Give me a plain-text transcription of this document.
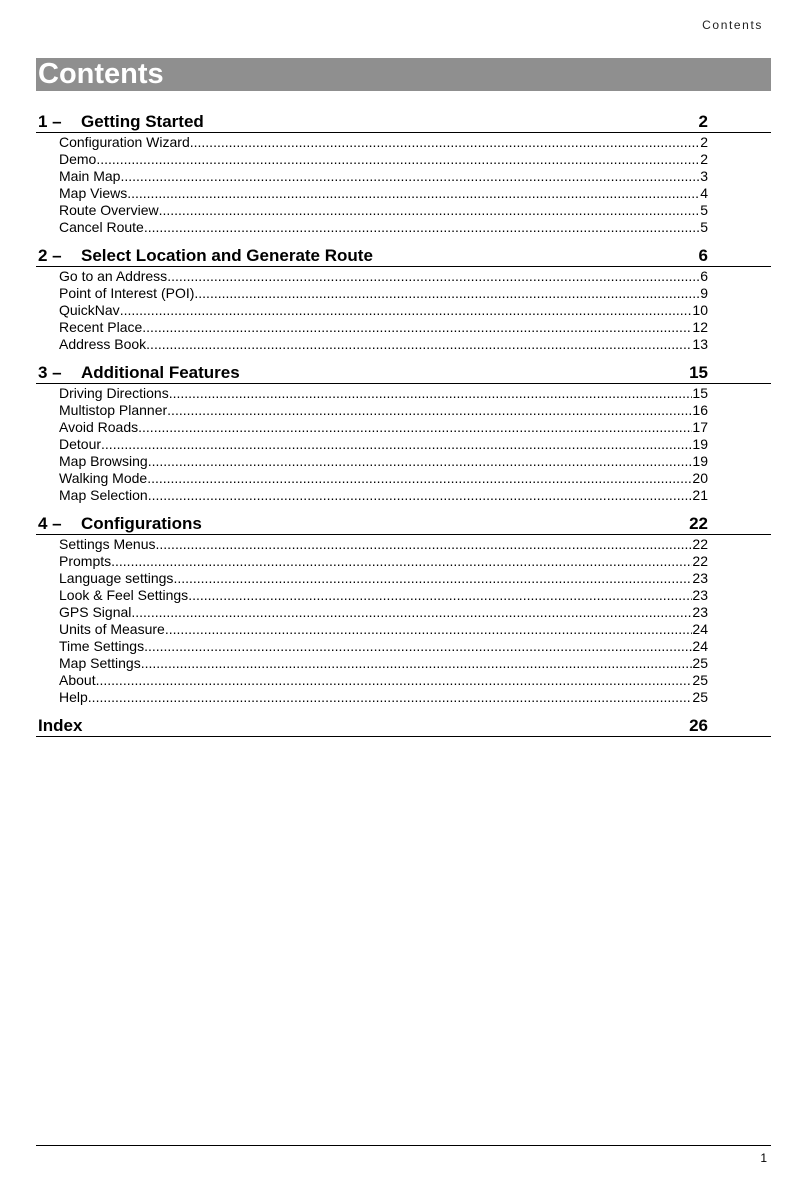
Contents
Contents
1 – Getting Started	2
Configuration Wizard .....	2
Demo .....	2
Main Map .....	3
Map Views .....	4
Route Overview .....	5
Cancel Route .....	5
2 – Select Location and Generate Route	6
Go to an Address .....	6
Point of Interest (POI) .....	9
QuickNav .....	10
Recent Place .....	12
Address Book .....	13
3 – Additional Features	15
Driving Directions .....	15
Multistop Planner .....	16
Avoid Roads .....	17
Detour .....	19
Map Browsing .....	19
Walking Mode .....	20
Map Selection .....	21
4 – Configurations	22
Settings Menus .....	22
Prompts .....	22
Language settings .....	23
Look & Feel Settings .....	23
GPS Signal .....	23
Units of Measure .....	24
Time Settings .....	24
Map Settings .....	25
About .....	25
Help .....	25
Index	26
1
